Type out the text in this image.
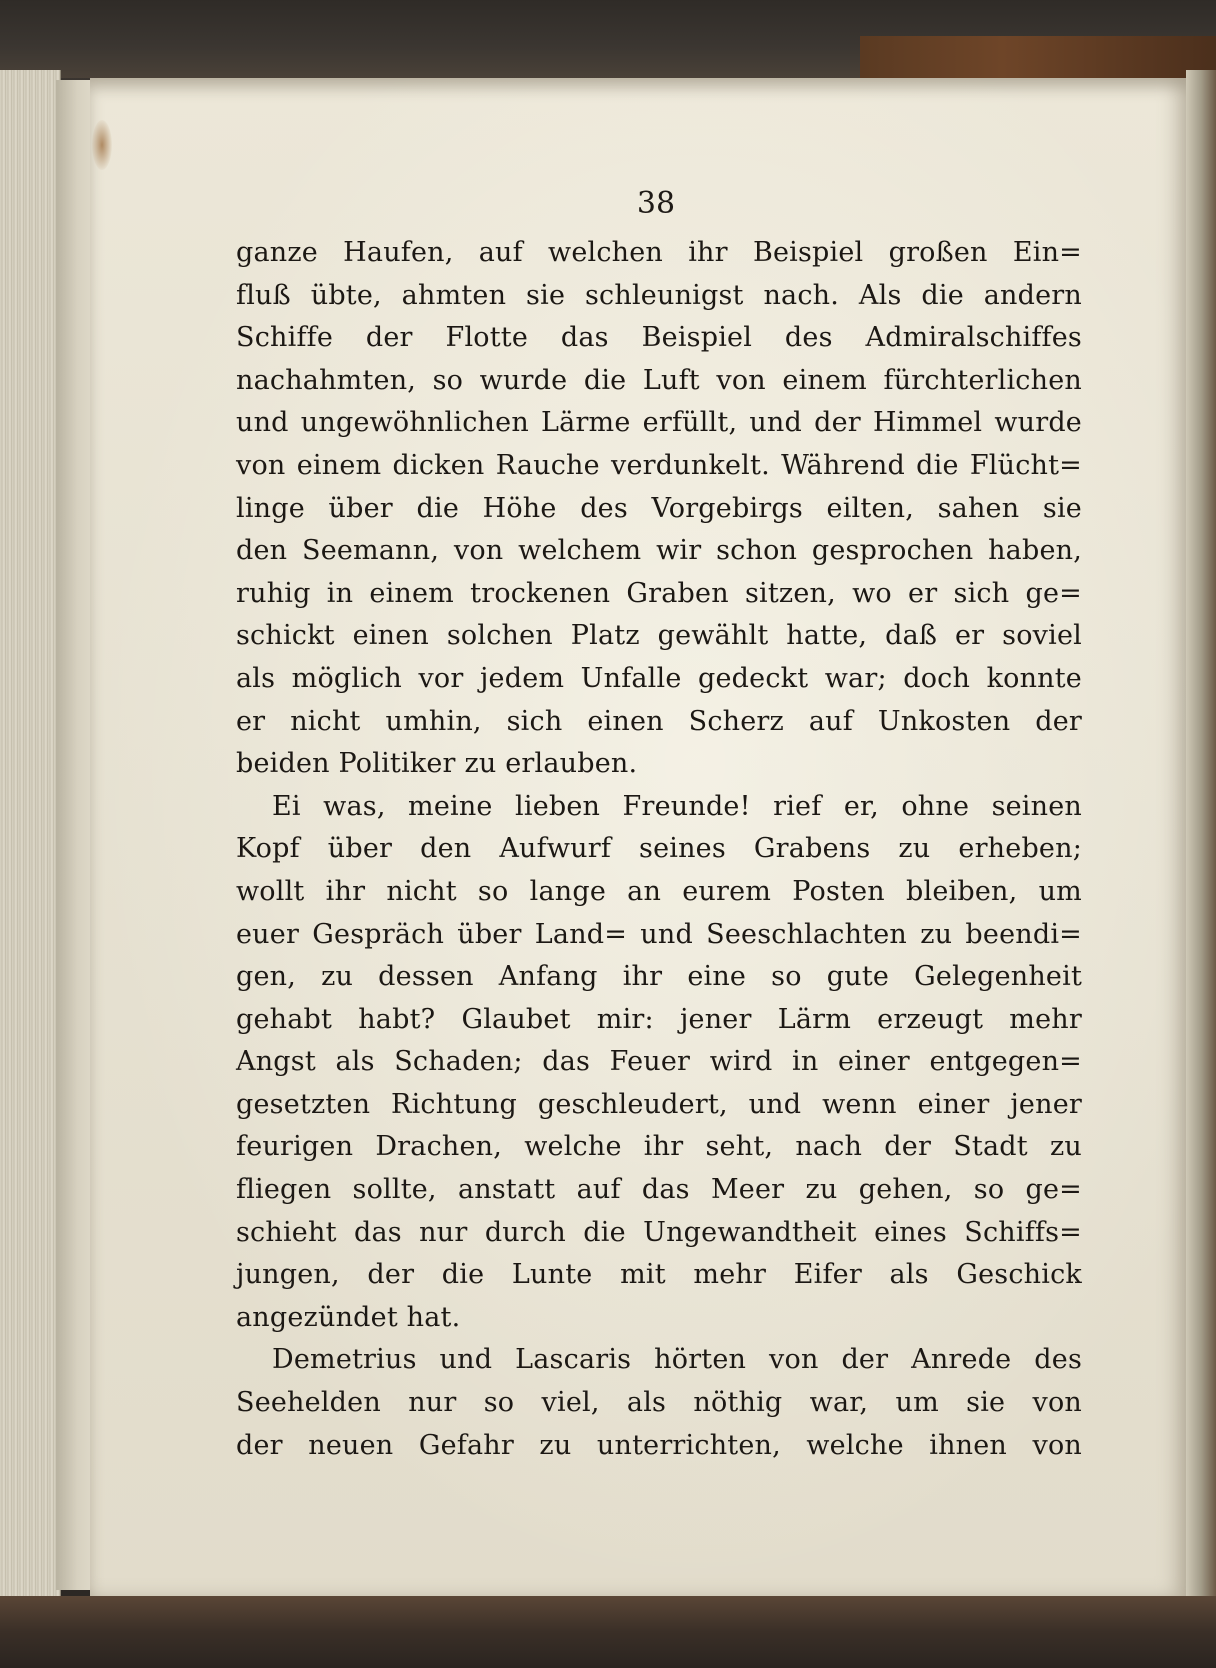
38
ganze Haufen, auf welchen ihr Beispiel großen Ein=
fluß übte, ahmten sie schleunigst nach. Als die andern
Schiffe der Flotte das Beispiel des Admiralschiffes
nachahmten, so wurde die Luft von einem fürchterlichen
und ungewöhnlichen Lärme erfüllt, und der Himmel wurde
von einem dicken Rauche verdunkelt. Während die Flücht=
linge über die Höhe des Vorgebirgs eilten, sahen sie
den Seemann, von welchem wir schon gesprochen haben,
ruhig in einem trockenen Graben sitzen, wo er sich ge=
schickt einen solchen Platz gewählt hatte, daß er soviel
als möglich vor jedem Unfalle gedeckt war; doch konnte
er nicht umhin, sich einen Scherz auf Unkosten der
beiden Politiker zu erlauben.
Ei was, meine lieben Freunde! rief er, ohne seinen
Kopf über den Aufwurf seines Grabens zu erheben;
wollt ihr nicht so lange an eurem Posten bleiben, um
euer Gespräch über Land= und Seeschlachten zu beendi=
gen, zu dessen Anfang ihr eine so gute Gelegenheit
gehabt habt? Glaubet mir: jener Lärm erzeugt mehr
Angst als Schaden; das Feuer wird in einer entgegen=
gesetzten Richtung geschleudert, und wenn einer jener
feurigen Drachen, welche ihr seht, nach der Stadt zu
fliegen sollte, anstatt auf das Meer zu gehen, so ge=
schieht das nur durch die Ungewandtheit eines Schiffs=
jungen, der die Lunte mit mehr Eifer als Geschick
angezündet hat.
Demetrius und Lascaris hörten von der Anrede des
Seehelden nur so viel, als nöthig war, um sie von
der neuen Gefahr zu unterrichten, welche ihnen von
